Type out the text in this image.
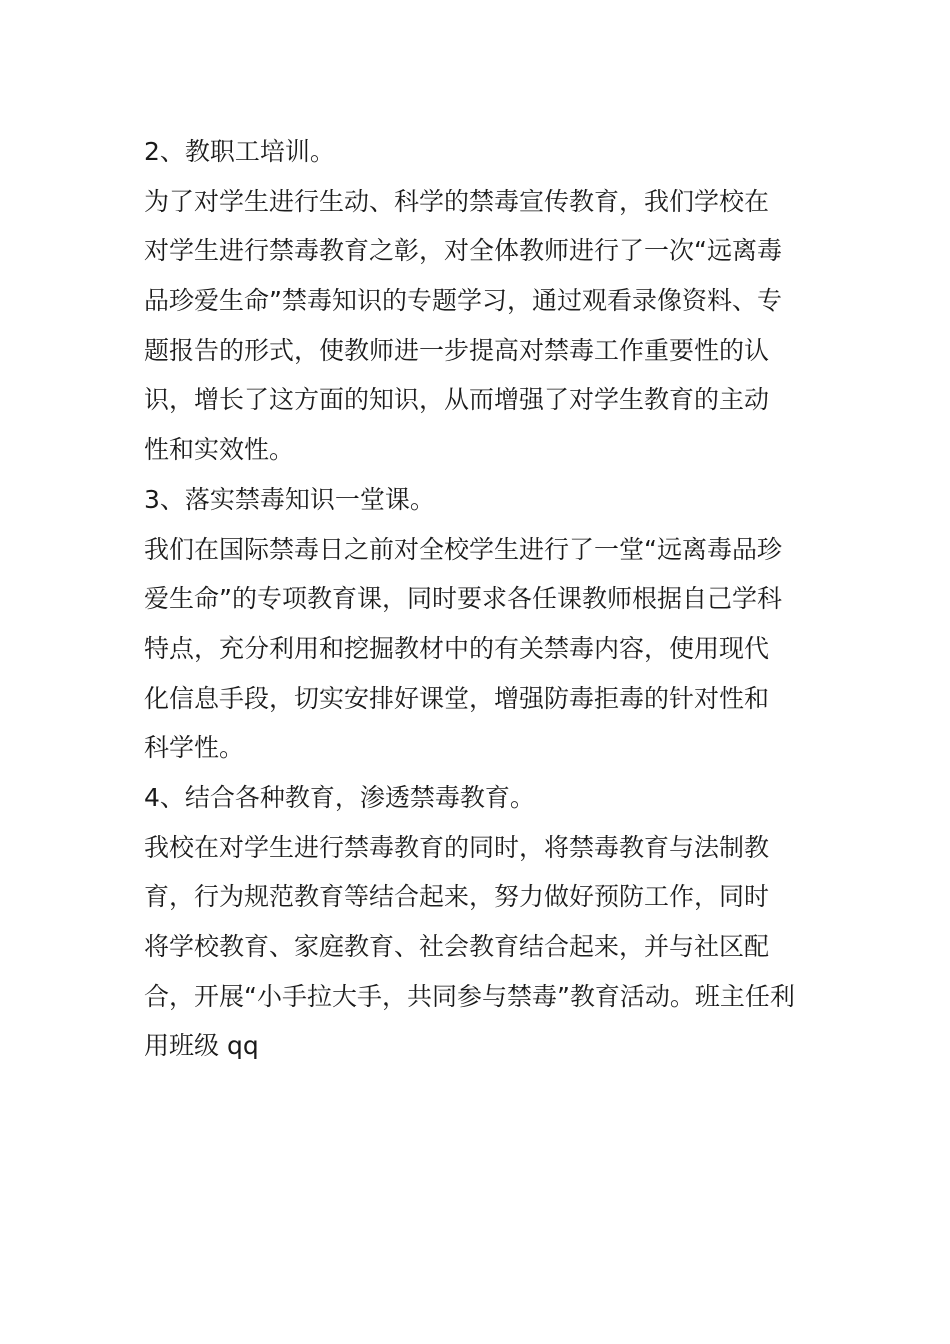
2、教职工培训。
为了对学生进行生动、科学的禁毒宣传教育，我们学校在
对学生进行禁毒教育之彰，对全体教师进行了一次“远离毒
品珍爱生命”禁毒知识的专题学习，通过观看录像资料、专
题报告的形式，使教师进一步提高对禁毒工作重要性的认
识，增长了这方面的知识，从而增强了对学生教育的主动
性和实效性。
3、落实禁毒知识一堂课。
我们在国际禁毒日之前对全校学生进行了一堂“远离毒品珍
爱生命”的专项教育课，同时要求各任课教师根据自己学科
特点，充分利用和挖掘教材中的有关禁毒内容，使用现代
化信息手段，切实安排好课堂，增强防毒拒毒的针对性和
科学性。
4、结合各种教育，渗透禁毒教育。
我校在对学生进行禁毒教育的同时，将禁毒教育与法制教
育，行为规范教育等结合起来，努力做好预防工作，同时
将学校教育、家庭教育、社会教育结合起来，并与社区配
合，开展“小手拉大手，共同参与禁毒”教育活动。班主任利
用班级 qq
